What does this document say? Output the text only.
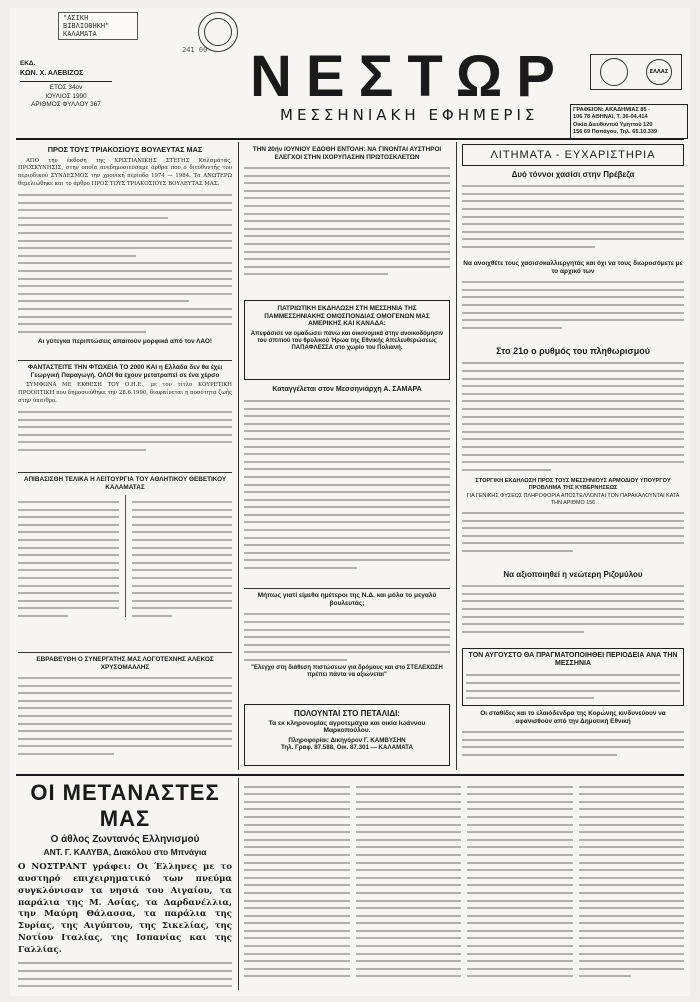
"ΑΣΙΚΗ ΒΙΒΛΙΟΘΗΚΗ"
ΚΑΛΑΜΑΤΑ
241 00
ΕΚΔ.
ΚΩΝ. Χ. ΑΛΕΒΙΖΟΣ
ΕΤΟΣ 34ον
ΙΟΥΛΙΟΣ 1990
ΑΡΙΘΜΟΣ ΦΥΛΛΟΥ 367	ΝΕΣΤΩΡ
ΜΕΣΣΗΝΙΑΚΗ ΕΦΗΜΕΡΙΣ
ΕΛΛΑΣ
ΓΡΑΦΕΙΟΝ: ΑΚΑΔΗΜΙΑΣ 85 -
106 78 ΑΘΗΝΑΙ, Τ. 36-04.414
Οικία Διευθυντού Υμηττού 120
156 69 Παπάγου, Τηλ. 65.10.339
ΠΡΟΣ ΤΟΥΣ ΤΡΙΑΚΟΣΙΟΥΣ ΒΟΥΛΕΥΤΑΣ ΜΑΣ

ΑΠΟ την έκδοση της ΧΡΙΣΤΙΑΝΙΚΗΣ ΣΤΕΓΗΣ Καλαμάτας, ΠΡΟΣΚΥΝΗΣΙΣ, στην οποία ανεδημοσιεύσαμε άρθρα που ο διευθυντής του περιοδικού ΣΥΝΔΕΣΜΟΣ την χρονική περίοδο 1974 — 1984. Τα ΑΝΩΤΕΡΩ θεμελιώθηκε και το άρθρο ΠΡΟΣ ΤΟΥΣ ΤΡΙΑΚΟΣΙΟΥΣ ΒΟΥΛΕΥΤΑΣ ΜΑΣ.

Αι γύτεγκα περιπτώσεις απαιτούν μορφικά από τον ΛΑΟ!
ΦΑΝΤΑΣΤΕΙΤΕ ΤΗΝ ΦΤΩΧΕΙΑ ΤΟ 2000 ΚΑΙ η Ελλάδα δεν θα έχει Γεωργική Παραγωγή. ΟΛΟΙ θα έχουν μετατραπεί σε ένα χέρσο

ΣΥΜΦΩΝΑ ΜΕ ΕΚΘΕΣΗ ΤΟΥ Ο.Η.Ε., με τον τίτλο ΚΟΥΡΕΤΙΚΗ ΠΡΟΟΠΤΙΚΗ που δημοσιεύθηκε την 28.6.1990, διαφαίνεται η ποσότητα ζωής στην ύπαιθρο.

ΑΠΙΒΑΣΙΣΘΗ ΤΕΛΙΚΑ Η ΛΕΙΤΟΥΡΓΙΑ ΤΟΥ ΑΘΛΗΤΙΚΟΥ ΘΕΒΕΤΙΚΟΥ ΚΑΛΑΜΑΤΑΣ
ΕΒΡΑΒΕΥΘΗ Ο ΣΥΝΕΡΓΑΤΗΣ ΜΑΣ ΛΟΓΟΤΕΧΝΗΣ ΑΛΕΚΟΣ ΧΡΥΣΟΜΑΛΛΗΣ
ΤΗΝ 20ήν ΙΟΥΝΙΟΥ ΕΔΟΘΗ ΕΝΤΟΛΗ: ΝΑ ΓΙΝΟΝΤΑΙ ΑΥΣΤΗΡΟΙ ΕΛΕΓΧΟΙ ΣΤΗΝ ΙΧΟΡΥΠΑΣΗΝ ΠΡΩΤΟΣΚΛΕΤΩΝ
ΠΑΤΡΙΩΤΙΚΗ ΕΚΔΗΛΩΣΗ ΣΤΗ ΜΕΣΣΗΝΙΑ ΤΗΣ ΠΑΜΜΕΣΣΗΝΙΑΚΗΣ ΟΜΟΣΠΟΝΔΙΑΣ ΟΜΟΓΕΝΩΝ ΜΑΣ ΑΜΕΡΙΚΗΣ ΚΑΙ ΚΑΝΑΔΑ:
Απεφάσισε να ομαδώσει πάνω και οικονομικά στην ανοικοδόμησιν του σπιτιού του θρυλικού Ήρωα της Εθνικής Απελευθερώσεως ΠΑΠΑΦΛΕΣΣΑ στο χωρίο του Πολιανή.
Καταγγέλεται στον Μεσσηνιάρχη Α. ΣΑΜΑΡΑ
Μήπως γιατί είμεθα ημέτεροι της Ν.Δ. και μόλα το μεγαλύ βουλευτάς;
"Ελεγχο στη διάθεση πιστώσεων για δρόμους και στο ΣΤΕΛΕΧΩΣΗ πρέπει πάντα να αξιώνεται"
ΠΟΛΟΥΝΤΑΙ ΣΤΟ ΠΕΤΑΛΙΔΙ:
Τα εκ κληρονομίας αγροτεμάχια και οικία Ιωάννου Μαρκοπούλου.
Πληροφορίαι: Δικηγόρον Γ. ΚΑΜΒΥΣΗΝ
Τηλ. Γραφ. 87.588, Οικ. 87.301 — ΚΑΛΑΜΑΤΑ
ΛΙΤΗΜΑΤΑ - ΕΥΧΑΡΙΣΤΗΡΙΑ
Δυό τόννοι χασίσι στην Πρέβεζα
Να ανοιχθέτε τους χασισοκαλλιεργητάς και όχι να τους διωροσόμετε με το αρχικό των
Στο 21ο ο ρυθμός του πληθωρισμού
ΣΤΟΡΓΙΚΗ ΕΚΔΗΛΩΣΗ ΠΡΟΣ ΤΟΥΣ ΜΕΣΣΗΝΙΟΥΣ ΑΡΜΟΔΙΟΥ ΥΠΟΥΡΓΟΥ ΠΡΟΒΛΗΜΑ ΤΗΣ ΚΥΒΕΡΝΗΣΕΩΣ
ΓΙΑ ΓΕΝΙΚΗΣ ΦΥΣΕΩΣ ΠΛΗΡΟΦΟΡΙΑ ΑΠΟΣΤΕΛΛΟΝΤΑΙ ΤΟΝ ΠΑΡΑΚΑΛΟΥΝΤΑΙ ΚΑΤΑ ΤΗΝ ΑΡΙΘΜΟ 156
Να αξιοποιηθεί η νεώτερη Ριζομύλου
ΤΟΝ ΑΥΓΟΥΣΤΟ ΘΑ ΠΡΑΓΜΑΤΟΠΟΙΗΘΕΙ ΠΕΡΙΟΔΕΙΑ ΑΝΑ ΤΗΝ ΜΕΣΣΗΝΙΑ
Οι σταθίδες και το ελαιόδενδρα της Κορώνης κινδυνεύουν να αφανισθούν από την Δημοτική Εθνική
ΟΙ ΜΕΤΑΝΑΣΤΕΣ ΜΑΣ
Ο άθλος Ζωντανός Ελληνισμού
ΑΝΤ. Γ. ΚΑΛΥΒΑ, Διακόλου στο Μπνάγια

Ο ΝΟΣΤΡΑΝΤ γράφει: Οι Έλληνες με το αυστηρό επιχειρηματικό των πνεύμα συγκλόνισαν τα νησιά του Αιγαίου, τα παράλια της Μ. Ασίας, τα Δαρδανέλλια, την Μαύρη Θάλασσα, τα παράλια της Συρίας, της Αιγύπτου, της Σικελίας, της Νοτίου Ιταλίας, της Ισπανίας και της Γαλλίας.
